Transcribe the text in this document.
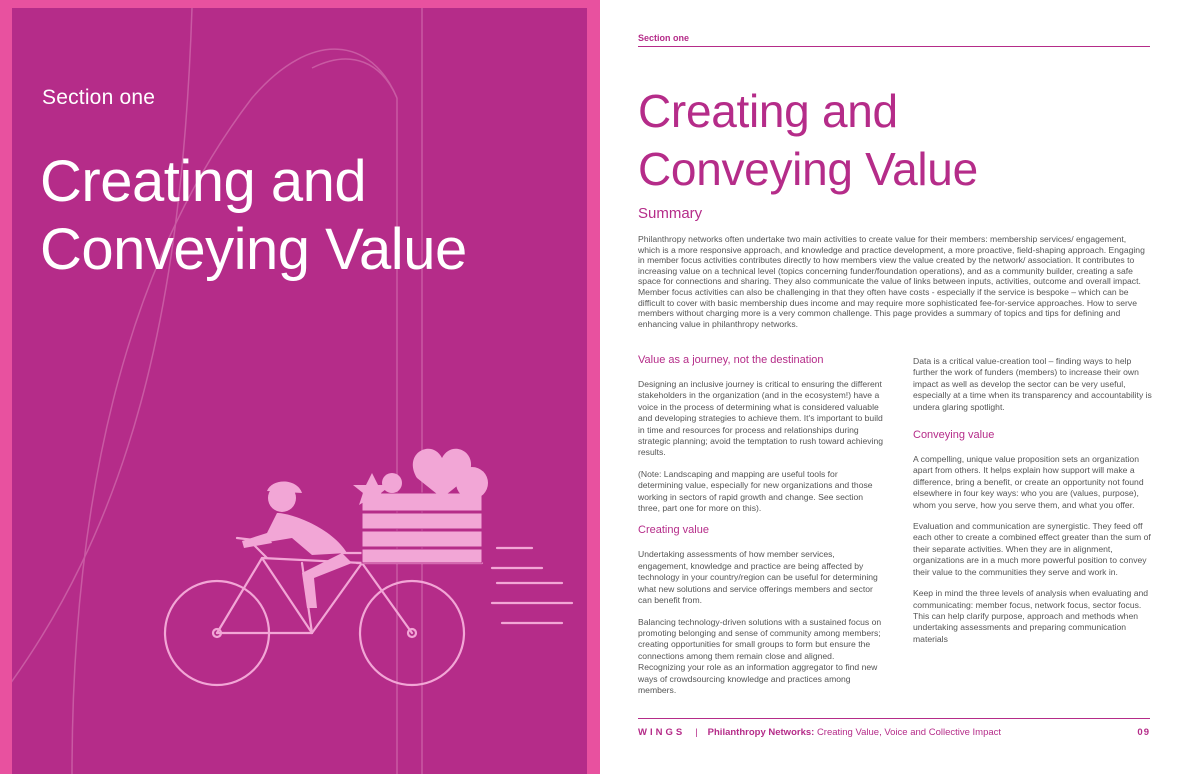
Section one
Creating and
Conveying Value
Section one
Creating and
Conveying Value
Summary

Philanthropy networks often undertake two main activities to create value for their members: membership services/ engagement, which is a more responsive approach, and knowledge and practice development, a more proactive, field-shaping approach. Engaging in member focus activities contributes directly to how members view the value created by the network/ association. It contributes to increasing value on a technical level (topics concerning funder/foundation operations), and as a community builder, creating a safe space for connections and sharing. They also communicate the value of links between inputs, activities, outcome and overall impact. Member focus activities can also be challenging in that they often have costs - especially if the service is bespoke – which can be difficult to cover with basic membership dues income and may require more sophisticated fee-for-service approaches. How to serve members without charging more is a very common challenge. This page provides a summary of topics and tips for defining and enhancing value in philanthropy networks.

Value as a journey, not the destination

Designing an inclusive journey is critical to ensuring the different stakeholders in the organization (and in the ecosystem!) have a voice in the process of determining what is considered valuable and developing strategies to achieve them. It's important to build in time and resources for process and relationships during strategic planning; avoid the temptation to rush toward achieving results.

(Note: Landscaping and mapping are useful tools for determining value, especially for new organizations and those working in sectors of rapid growth and change. See section three, part one for more on this).

Creating value

Undertaking assessments of how member services, engagement, knowledge and practice are being affected by technology in your country/region can be useful for determining what new solutions and service offerings members and sector can benefit from.

Balancing technology-driven solutions with a sustained focus on promoting belonging and sense of community among members; creating opportunities for small groups to form but ensure the connections among them remain close and aligned. Recognizing your role as an information aggregator to find new ways of crowdsourcing knowledge and practices among members.

Data is a critical value-creation tool – finding ways to help further the work of funders (members) to increase their own impact as well as develop the sector can be very useful, especially at a time when its transparency and accountability is undera glaring spotlight.

Conveying value

A compelling, unique value proposition sets an organization apart from others. It helps explain how support will make a difference, bring a benefit, or create an opportunity not found elsewhere in four key ways: who you are (values, purpose), whom you serve, how you serve them, and what you offer.

Evaluation and communication are synergistic. They feed off each other to create a combined effect greater than the sum of their separate activities. When they are in alignment, organizations are in a much more powerful position to convey their value to the communities they serve and work in.

Keep in mind the three levels of analysis when evaluating and communicating: member focus, network focus, sector focus. This can help clarify purpose, approach and methods when undertaking assessments and preparing communication materials

WINGS | Philanthropy Networks: Creating Value, Voice and Collective Impact	09
